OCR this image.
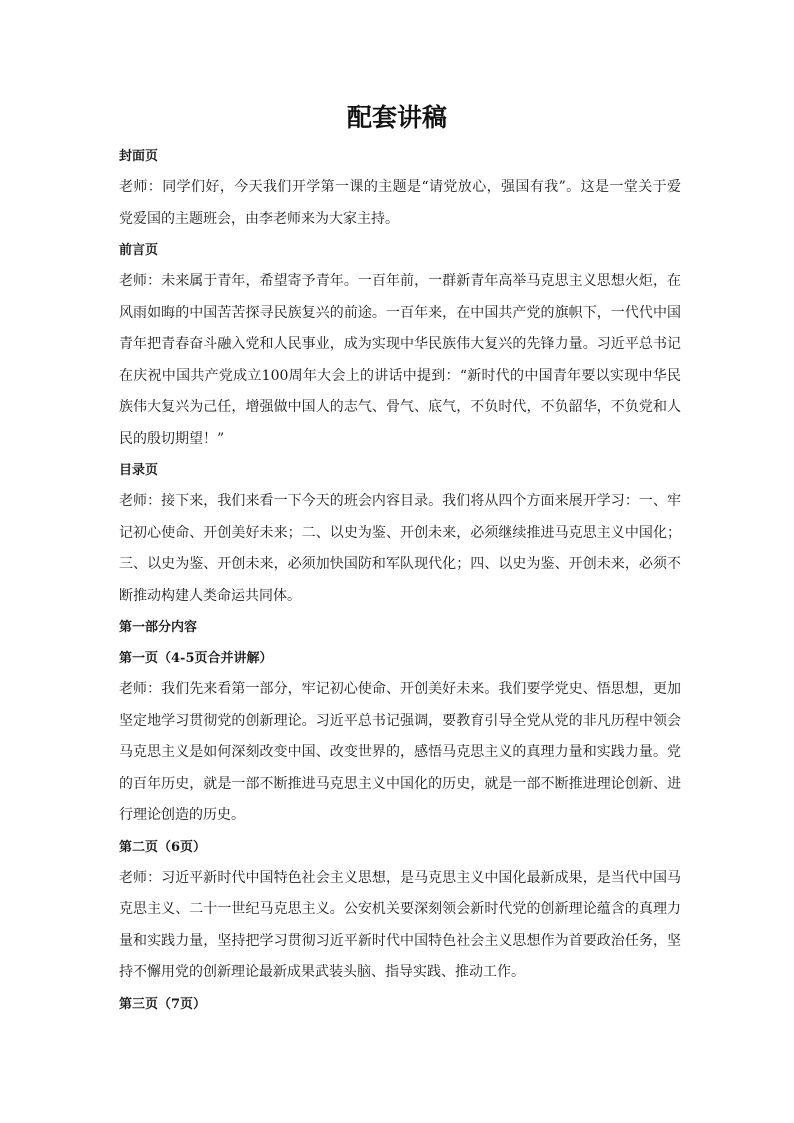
配套讲稿
封面页
老师：同学们好，今天我们开学第一课的主题是“请党放心，强国有我”。这是一堂关于爱
党爱国的主题班会，由李老师来为大家主持。
前言页
老师：未来属于青年，希望寄予青年。一百年前，一群新青年高举马克思主义思想火炬，在
风雨如晦的中国苦苦探寻民族复兴的前途。一百年来，在中国共产党的旗帜下，一代代中国
青年把青春奋斗融入党和人民事业，成为实现中华民族伟大复兴的先锋力量。习近平总书记
在庆祝中国共产党成立100周年大会上的讲话中提到：“新时代的中国青年要以实现中华民
族伟大复兴为己任，增强做中国人的志气、骨气、底气，不负时代，不负韶华，不负党和人
民的殷切期望！”
目录页
老师：接下来，我们来看一下今天的班会内容目录。我们将从四个方面来展开学习：一、牢
记初心使命、开创美好未来；二、以史为鉴、开创未来，必须继续推进马克思主义中国化；
三、以史为鉴、开创未来，必须加快国防和军队现代化；四、以史为鉴、开创未来，必须不
断推动构建人类命运共同体。
第一部分内容
第一页（4-5页合并讲解）
老师：我们先来看第一部分，牢记初心使命、开创美好未来。我们要学党史、悟思想，更加
坚定地学习贯彻党的创新理论。习近平总书记强调，要教育引导全党从党的非凡历程中领会
马克思主义是如何深刻改变中国、改变世界的，感悟马克思主义的真理力量和实践力量。党
的百年历史，就是一部不断推进马克思主义中国化的历史，就是一部不断推进理论创新、进
行理论创造的历史。
第二页（6页）
老师：习近平新时代中国特色社会主义思想，是马克思主义中国化最新成果，是当代中国马
克思主义、二十一世纪马克思主义。公安机关要深刻领会新时代党的创新理论蕴含的真理力
量和实践力量，坚持把学习贯彻习近平新时代中国特色社会主义思想作为首要政治任务，坚
持不懈用党的创新理论最新成果武装头脑、指导实践、推动工作。
第三页（7页）
